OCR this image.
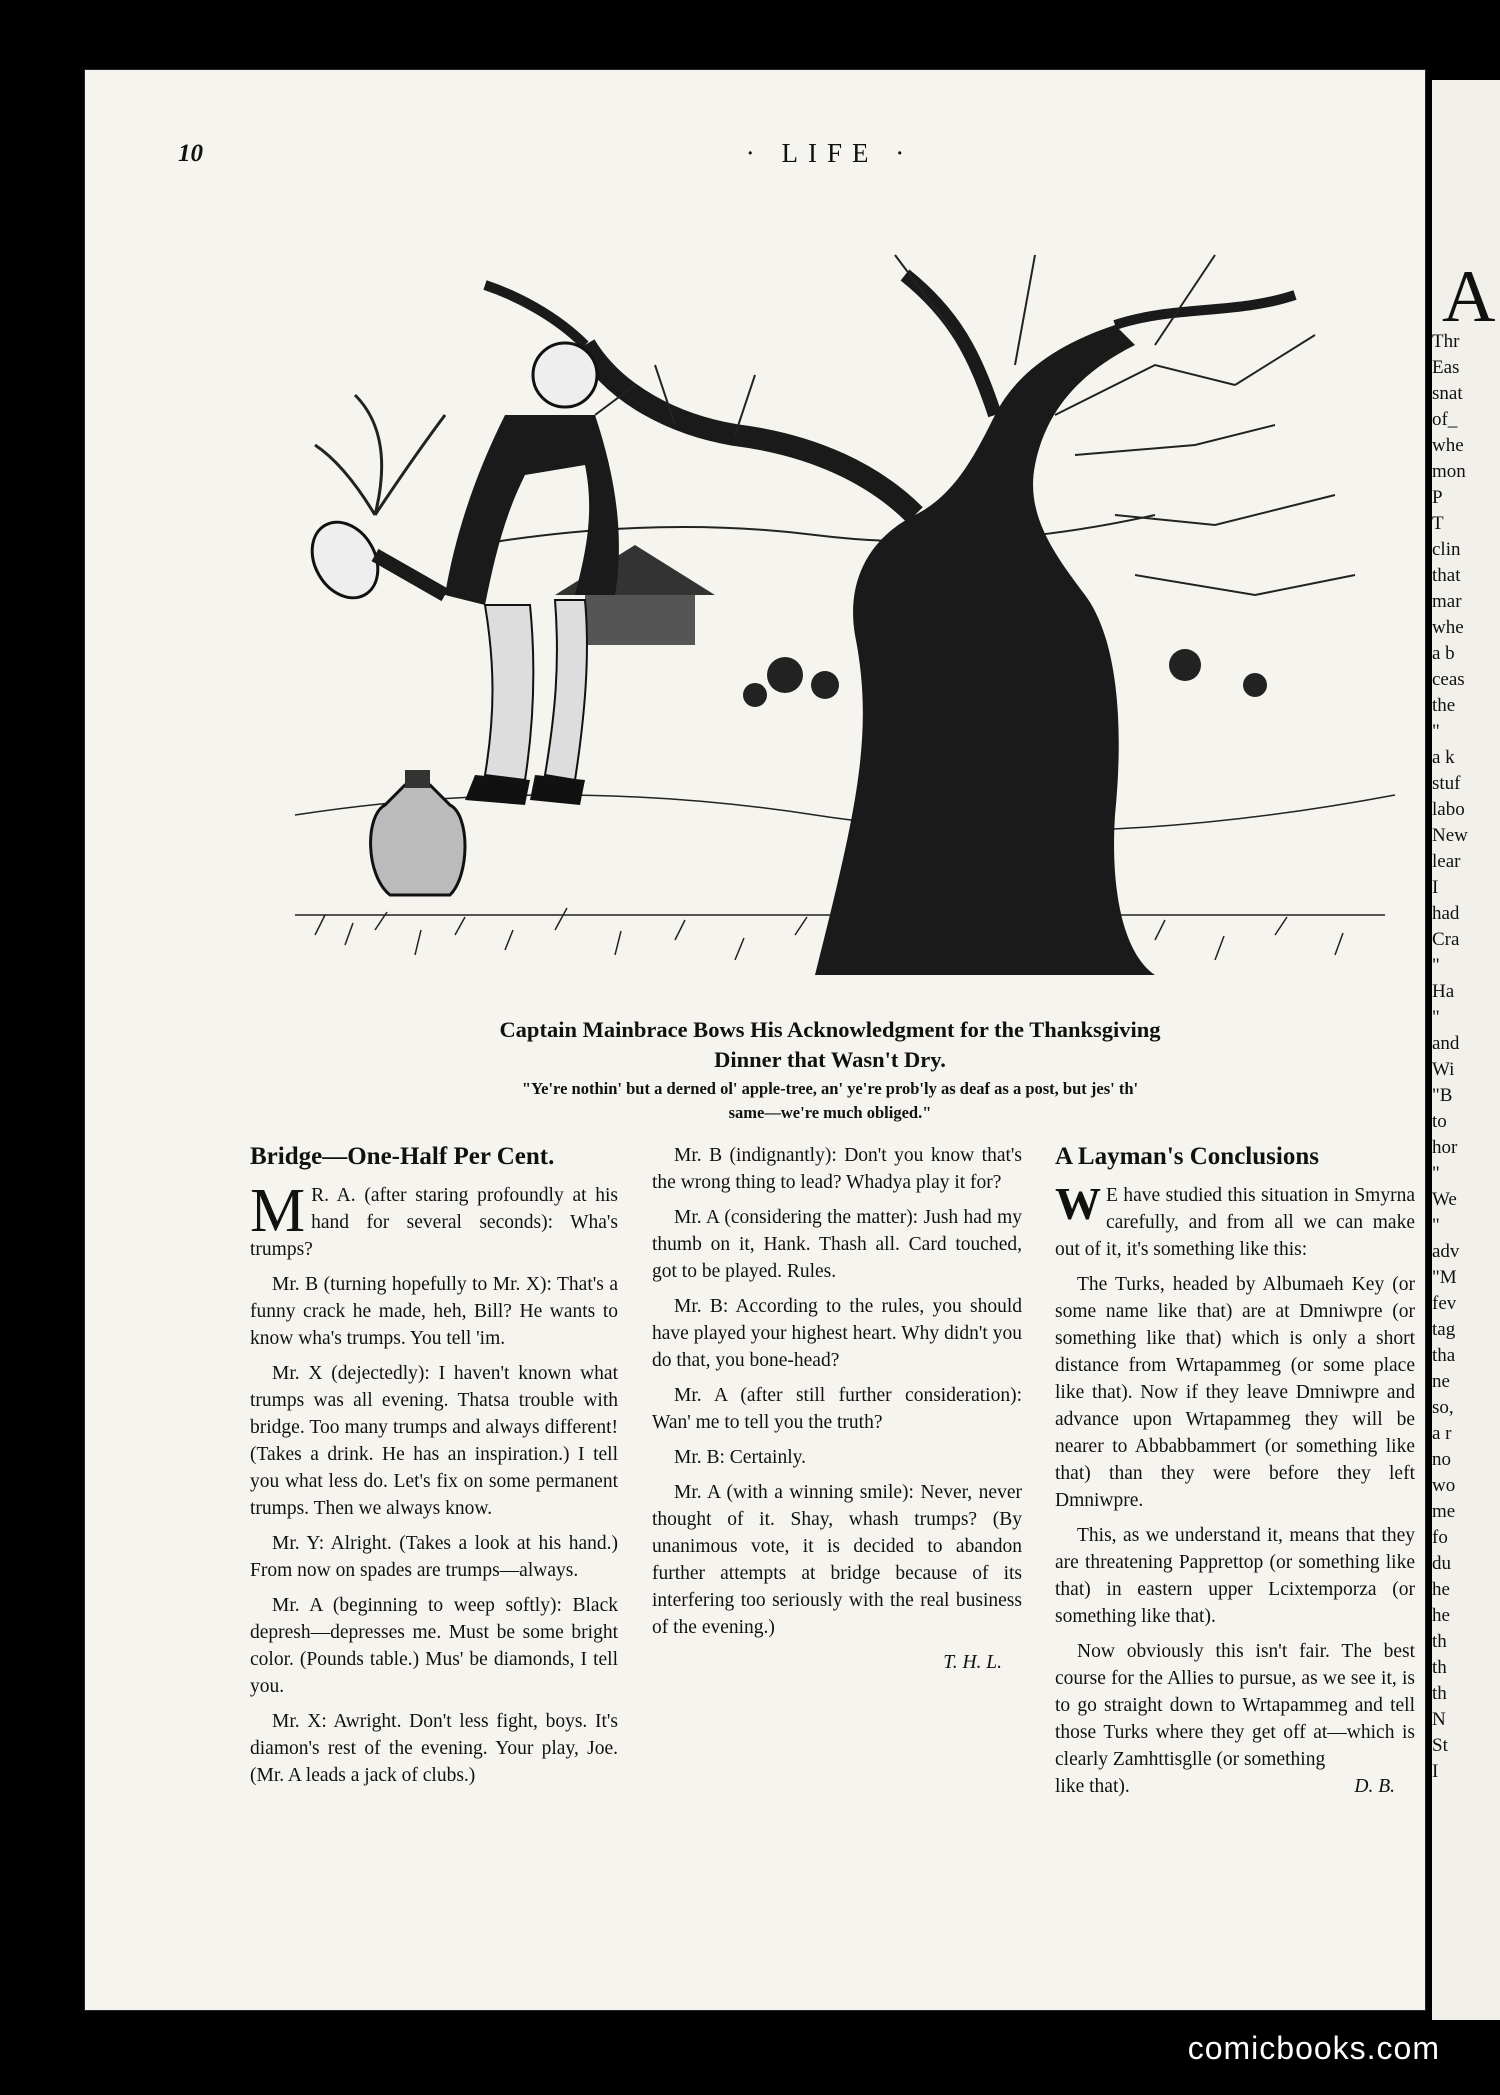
A
Thr
Eas
snat
of_
whe
mon
P
T
clin
that
mar
whe
a b
ceas
the
"
a k
stuf
labo
New
lear
I
had
Cra
"
Ha
"
and
Wi
"B
to
hor
"
We
"
adv
"M
fev
tag
tha
ne
so,
a r
no
wo
me
fo
du
he
he
th
th
th
N
St
I
10	· LIFE ·
Captain Mainbrace Bows His Acknowledgment for the Thanksgiving
Dinner that Wasn't Dry.
"Ye're nothin' but a derned ol' apple-tree, an' ye're prob'ly as deaf as a post, but jes' th'
same—we're much obliged."
Bridge—One-Half Per Cent.

M R. A. (after staring profoundly at his hand for several seconds): Wha's trumps?

Mr. B (turning hopefully to Mr. X): That's a funny crack he made, heh, Bill? He wants to know wha's trumps. You tell 'im.

Mr. X (dejectedly): I haven't known what trumps was all evening. Thatsa trouble with bridge. Too many trumps and always different! (Takes a drink. He has an inspiration.) I tell you what less do. Let's fix on some permanent trumps. Then we always know.

Mr. Y: Alright. (Takes a look at his hand.) From now on spades are trumps—always.

Mr. A (beginning to weep softly): Black depresh—depresses me. Must be some bright color. (Pounds table.) Mus' be diamonds, I tell you.

Mr. X: Awright. Don't less fight, boys. It's diamon's rest of the evening. Your play, Joe. (Mr. A leads a jack of clubs.)

Mr. B (indignantly): Don't you know that's the wrong thing to lead? Whadya play it for?

Mr. A (considering the matter): Jush had my thumb on it, Hank. Thash all. Card touched, got to be played. Rules.

Mr. B: According to the rules, you should have played your highest heart. Why didn't you do that, you bone-head?

Mr. A (after still further consideration): Wan' me to tell you the truth?

Mr. B: Certainly.

Mr. A (with a winning smile): Never, never thought of it. Shay, whash trumps? (By unanimous vote, it is decided to abandon further attempts at bridge because of its interfering too seriously with the real business of the evening.)

T. H. L.
A Layman's Conclusions

W E have studied this situation in Smyrna carefully, and from all we can make out of it, it's something like this:

The Turks, headed by Albumaeh Key (or some name like that) are at Dmniwpre (or something like that) which is only a short distance from Wrtapammeg (or some place like that). Now if they leave Dmniwpre and advance upon Wrtapammeg they will be nearer to Abbabbammert (or something like that) than they were before they left Dmniwpre.

This, as we understand it, means that they are threatening Papprettop (or something like that) in eastern upper Lcixtemporza (or something like that).

Now obviously this isn't fair. The best course for the Allies to pursue, as we see it, is to go straight down to Wrtapammeg and tell those Turks where they get off at—which is clearly Zamhttisglle (or something

like that).	D. B.
comicbooks.com
